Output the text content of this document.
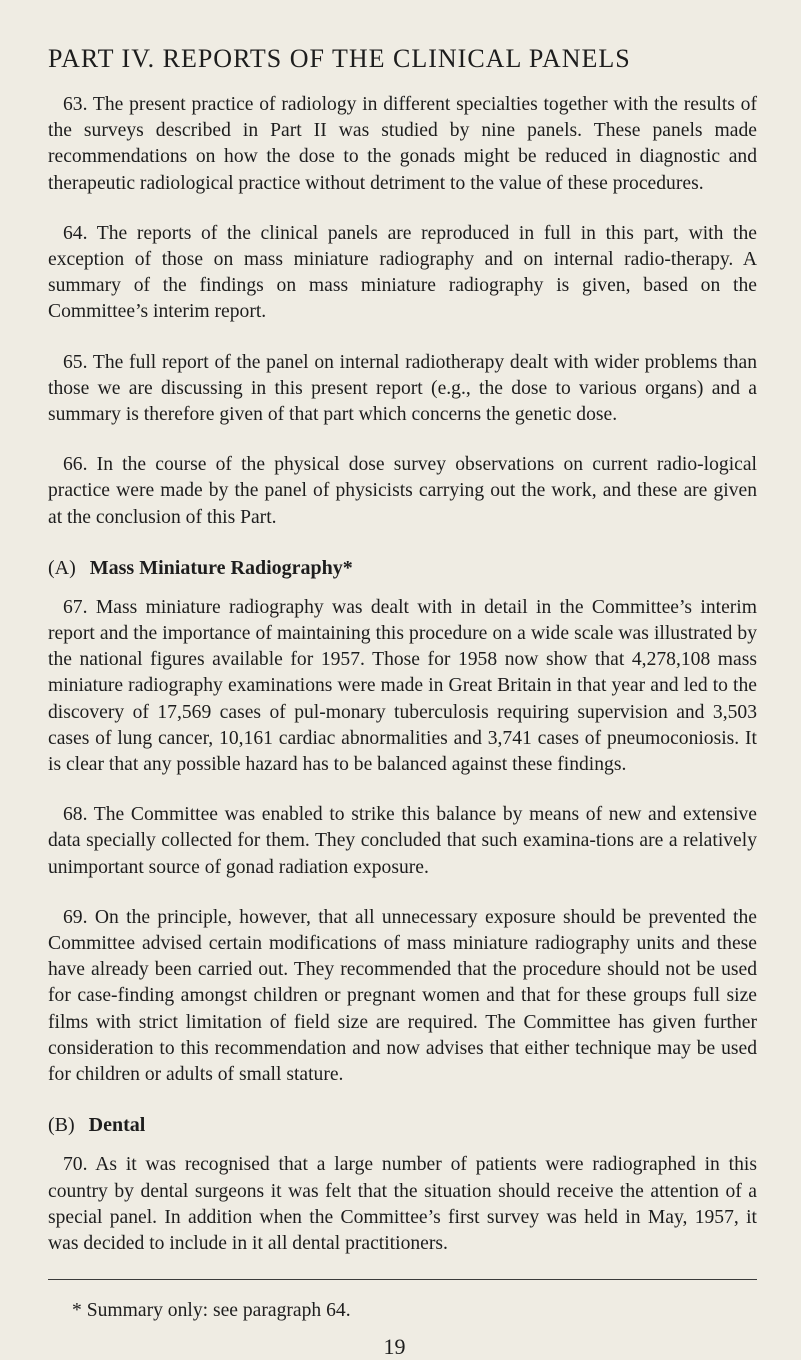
PART IV. REPORTS OF THE CLINICAL PANELS

63. The present practice of radiology in different specialties together with the results of the surveys described in Part II was studied by nine panels. These panels made recommendations on how the dose to the gonads might be reduced in diagnostic and therapeutic radiological practice without detriment to the value of these procedures.

64. The reports of the clinical panels are reproduced in full in this part, with the exception of those on mass miniature radiography and on internal radio-therapy. A summary of the findings on mass miniature radiography is given, based on the Committee’s interim report.

65. The full report of the panel on internal radiotherapy dealt with wider problems than those we are discussing in this present report (e.g., the dose to various organs) and a summary is therefore given of that part which concerns the genetic dose.

66. In the course of the physical dose survey observations on current radio-logical practice were made by the panel of physicists carrying out the work, and these are given at the conclusion of this Part.

(A) Mass Miniature Radiography*

67. Mass miniature radiography was dealt with in detail in the Committee’s interim report and the importance of maintaining this procedure on a wide scale was illustrated by the national figures available for 1957. Those for 1958 now show that 4,278,108 mass miniature radiography examinations were made in Great Britain in that year and led to the discovery of 17,569 cases of pul-monary tuberculosis requiring supervision and 3,503 cases of lung cancer, 10,161 cardiac abnormalities and 3,741 cases of pneumoconiosis. It is clear that any possible hazard has to be balanced against these findings.

68. The Committee was enabled to strike this balance by means of new and extensive data specially collected for them. They concluded that such examina-tions are a relatively unimportant source of gonad radiation exposure.

69. On the principle, however, that all unnecessary exposure should be prevented the Committee advised certain modifications of mass miniature radiography units and these have already been carried out. They recommended that the procedure should not be used for case-finding amongst children or pregnant women and that for these groups full size films with strict limitation of field size are required. The Committee has given further consideration to this recommendation and now advises that either technique may be used for children or adults of small stature.

(B) Dental

70. As it was recognised that a large number of patients were radiographed in this country by dental surgeons it was felt that the situation should receive the attention of a special panel. In addition when the Committee’s first survey was held in May, 1957, it was decided to include in it all dental practitioners.

* Summary only: see paragraph 64.
19
